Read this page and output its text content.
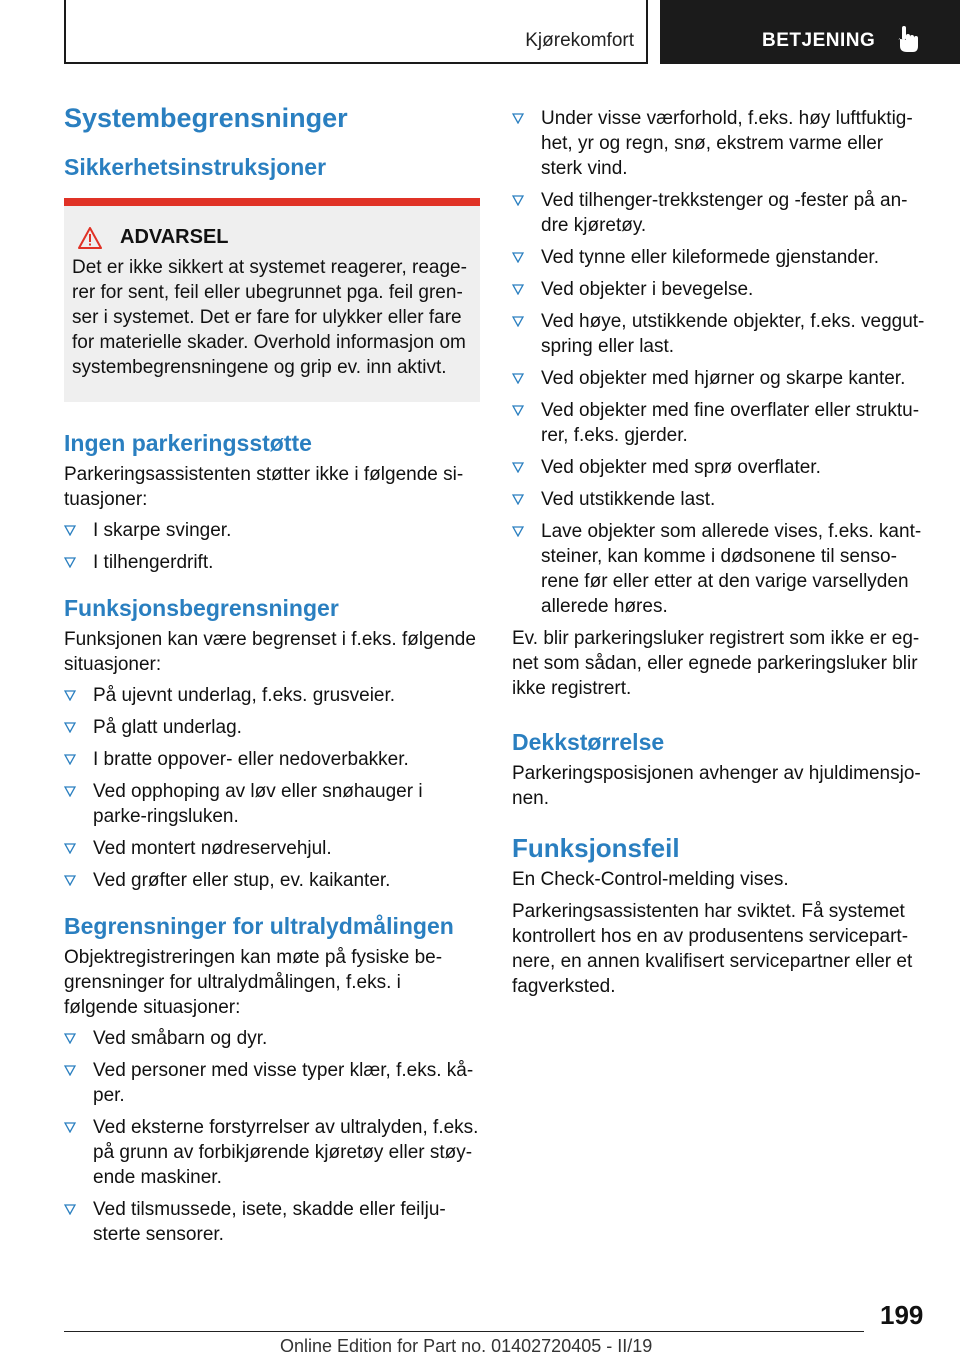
Kjørekomfort	BETJENING
Systembegrensninger
Sikkerhetsinstruksjoner
ADVARSEL
Det er ikke sikkert at systemet reagerer, reage-rer for sent, feil eller ubegrunnet pga. feil gren-ser i systemet. Det er fare for ulykker eller fare for materielle skader. Overhold informasjon om systembegrensningene og grip ev. inn aktivt.
Ingen parkeringsstøtte

Parkeringsassistenten støtter ikke i følgende si-tuasjoner:

I skarpe svinger.
I tilhengerdrift.
Funksjonsbegrensninger

Funksjonen kan være begrenset i f.eks. følgende situasjoner:

På ujevnt underlag, f.eks. grusveier.
På glatt underlag.
I bratte oppover- eller nedoverbakker.
Ved opphoping av løv eller snøhauger i parke-ringsluken.
Ved montert nødreservehjul.
Ved grøfter eller stup, ev. kaikanter.
Begrensninger for ultralydmålingen

Objektregistreringen kan møte på fysiske be-grensninger for ultralydmålingen, f.eks. i følgende situasjoner:

Ved småbarn og dyr.
Ved personer med visse typer klær, f.eks. kå-per.
Ved eksterne forstyrrelser av ultralyden, f.eks. på grunn av forbikjørende kjøretøy eller støy-ende maskiner.
Ved tilsmussede, isete, skadde eller feilju-sterte sensorer.
Under visse værforhold, f.eks. høy luftfuktig-het, yr og regn, snø, ekstrem varme eller sterk vind.
Ved tilhenger-trekkstenger og -fester på an-dre kjøretøy.
Ved tynne eller kileformede gjenstander.
Ved objekter i bevegelse.
Ved høye, utstikkende objekter, f.eks. veggut-spring eller last.
Ved objekter med hjørner og skarpe kanter.
Ved objekter med fine overflater eller struktu-rer, f.eks. gjerder.
Ved objekter med sprø overflater.
Ved utstikkende last.
Lave objekter som allerede vises, f.eks. kant-steiner, kan komme i dødsonene til senso-rene før eller etter at den varige varsellyden allerede høres.

Ev. blir parkeringsluker registrert som ikke er eg-net som sådan, eller egnede parkeringsluker blir ikke registrert.

Dekkstørrelse

Parkeringsposisjonen avhenger av hjuldimensjo-nen.

Funksjonsfeil

En Check-Control-melding vises.

Parkeringsassistenten har sviktet. Få systemet kontrollert hos en av produsentens servicepart-nere, en annen kvalifisert servicepartner eller et fagverksted.

199
Online Edition for Part no. 01402720405 - II/19
